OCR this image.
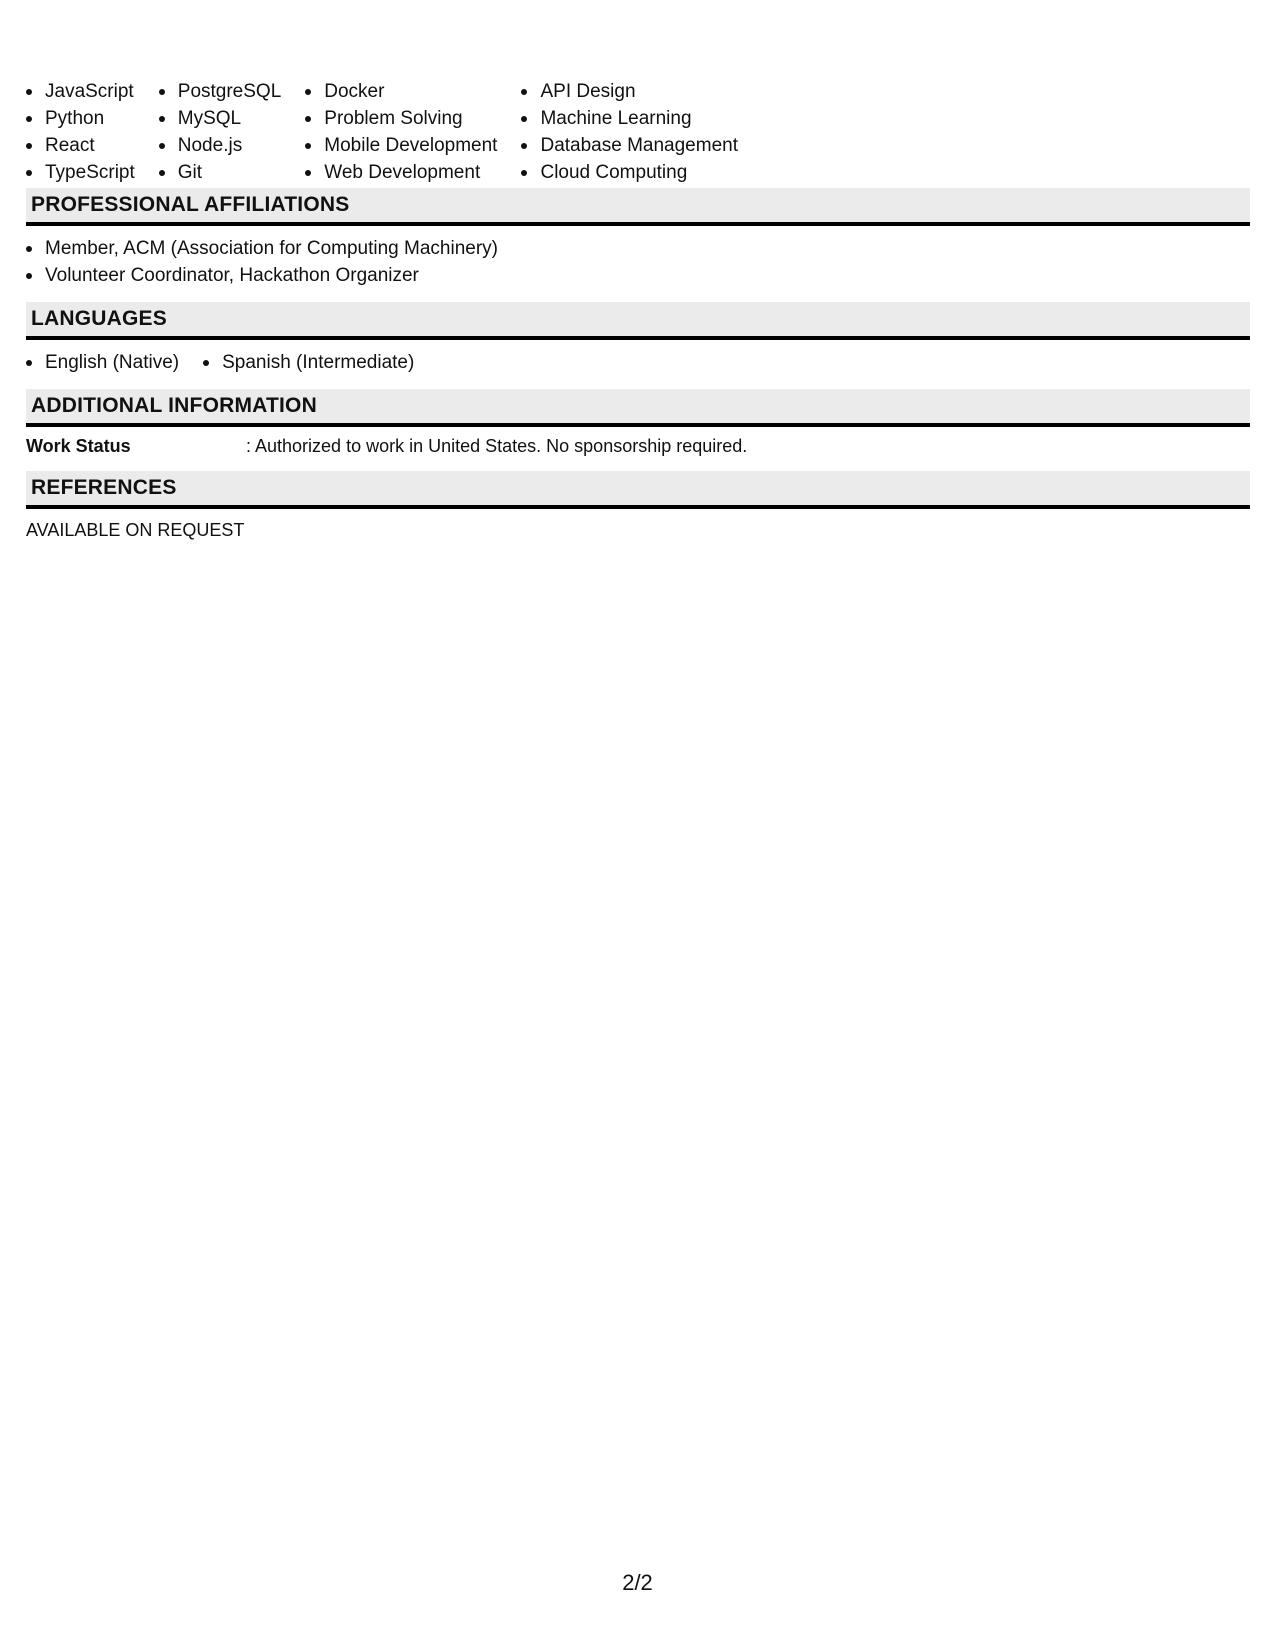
JavaScript
Python
React
TypeScript
PostgreSQL
MySQL
Node.js
Git
Docker
Problem Solving
Mobile Development
Web Development
API Design
Machine Learning
Database Management
Cloud Computing
PROFESSIONAL AFFILIATIONS
Member, ACM (Association for Computing Machinery)
Volunteer Coordinator, Hackathon Organizer
LANGUAGES
English (Native)	Spanish (Intermediate)
ADDITIONAL INFORMATION
Work Status	: Authorized to work in United States. No sponsorship required.
REFERENCES
AVAILABLE ON REQUEST
2/2
